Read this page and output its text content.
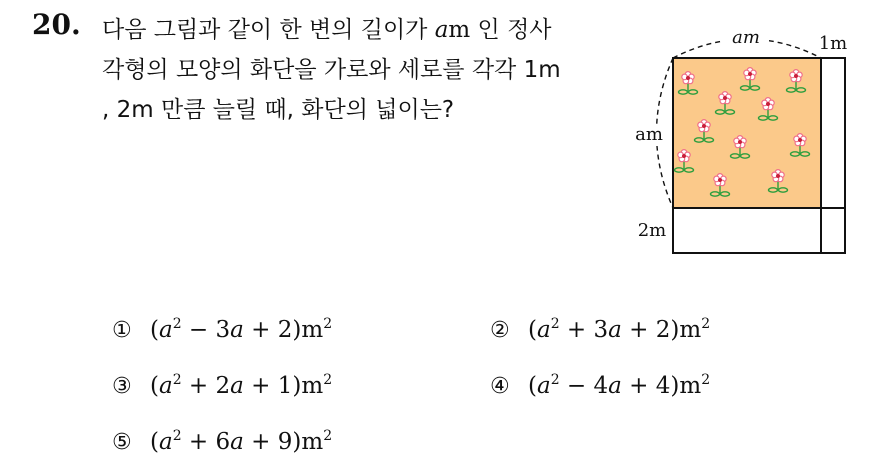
20. 다음 그림과 같이 한 변의 길이가 am 인 정사
각형의 모양의 화단을 가로와 세로를 각각 1m
, 2m 만큼 늘릴 때, 화단의 넓이는?
am
am
1m
2m
① $(a^2 - 3a + 2)m^2$	② $(a^2 + 3a + 2)m^2$
③ $(a^2 + 2a + 1)m^2$	④ $(a^2 - 4a + 4)m^2$
⑤ $(a^2 + 6a + 9)m^2$
